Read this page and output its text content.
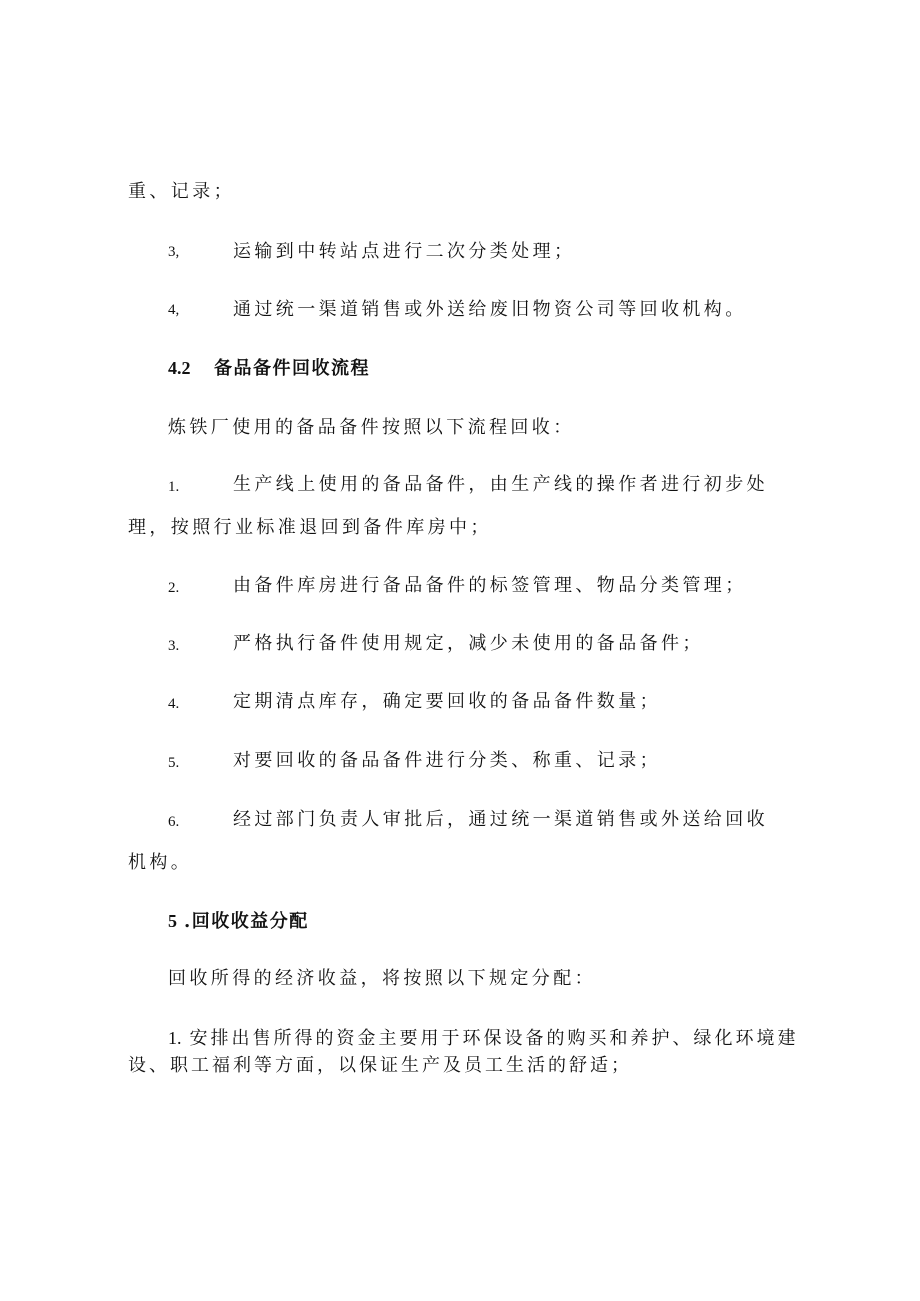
重、记录；
3,	运输到中转站点进行二次分类处理；
4,	通过统一渠道销售或外送给废旧物资公司等回收机构。
4.2 备品备件回收流程
炼铁厂使用的备品备件按照以下流程回收：
1.	生产线上使用的备品备件，由生产线的操作者进行初步处
理，按照行业标准退回到备件库房中；
2.	由备件库房进行备品备件的标签管理、物品分类管理；
3.	严格执行备件使用规定，减少未使用的备品备件；
4.	定期清点库存，确定要回收的备品备件数量；
5.	对要回收的备品备件进行分类、称重、记录；
6.	经过部门负责人审批后，通过统一渠道销售或外送给回收
机构。
5 .回收收益分配
回收所得的经济收益，将按照以下规定分配：
1. 安排出售所得的资金主要用于环保设备的购买和养护、绿化环境建
设、职工福利等方面，以保证生产及员工生活的舒适；
